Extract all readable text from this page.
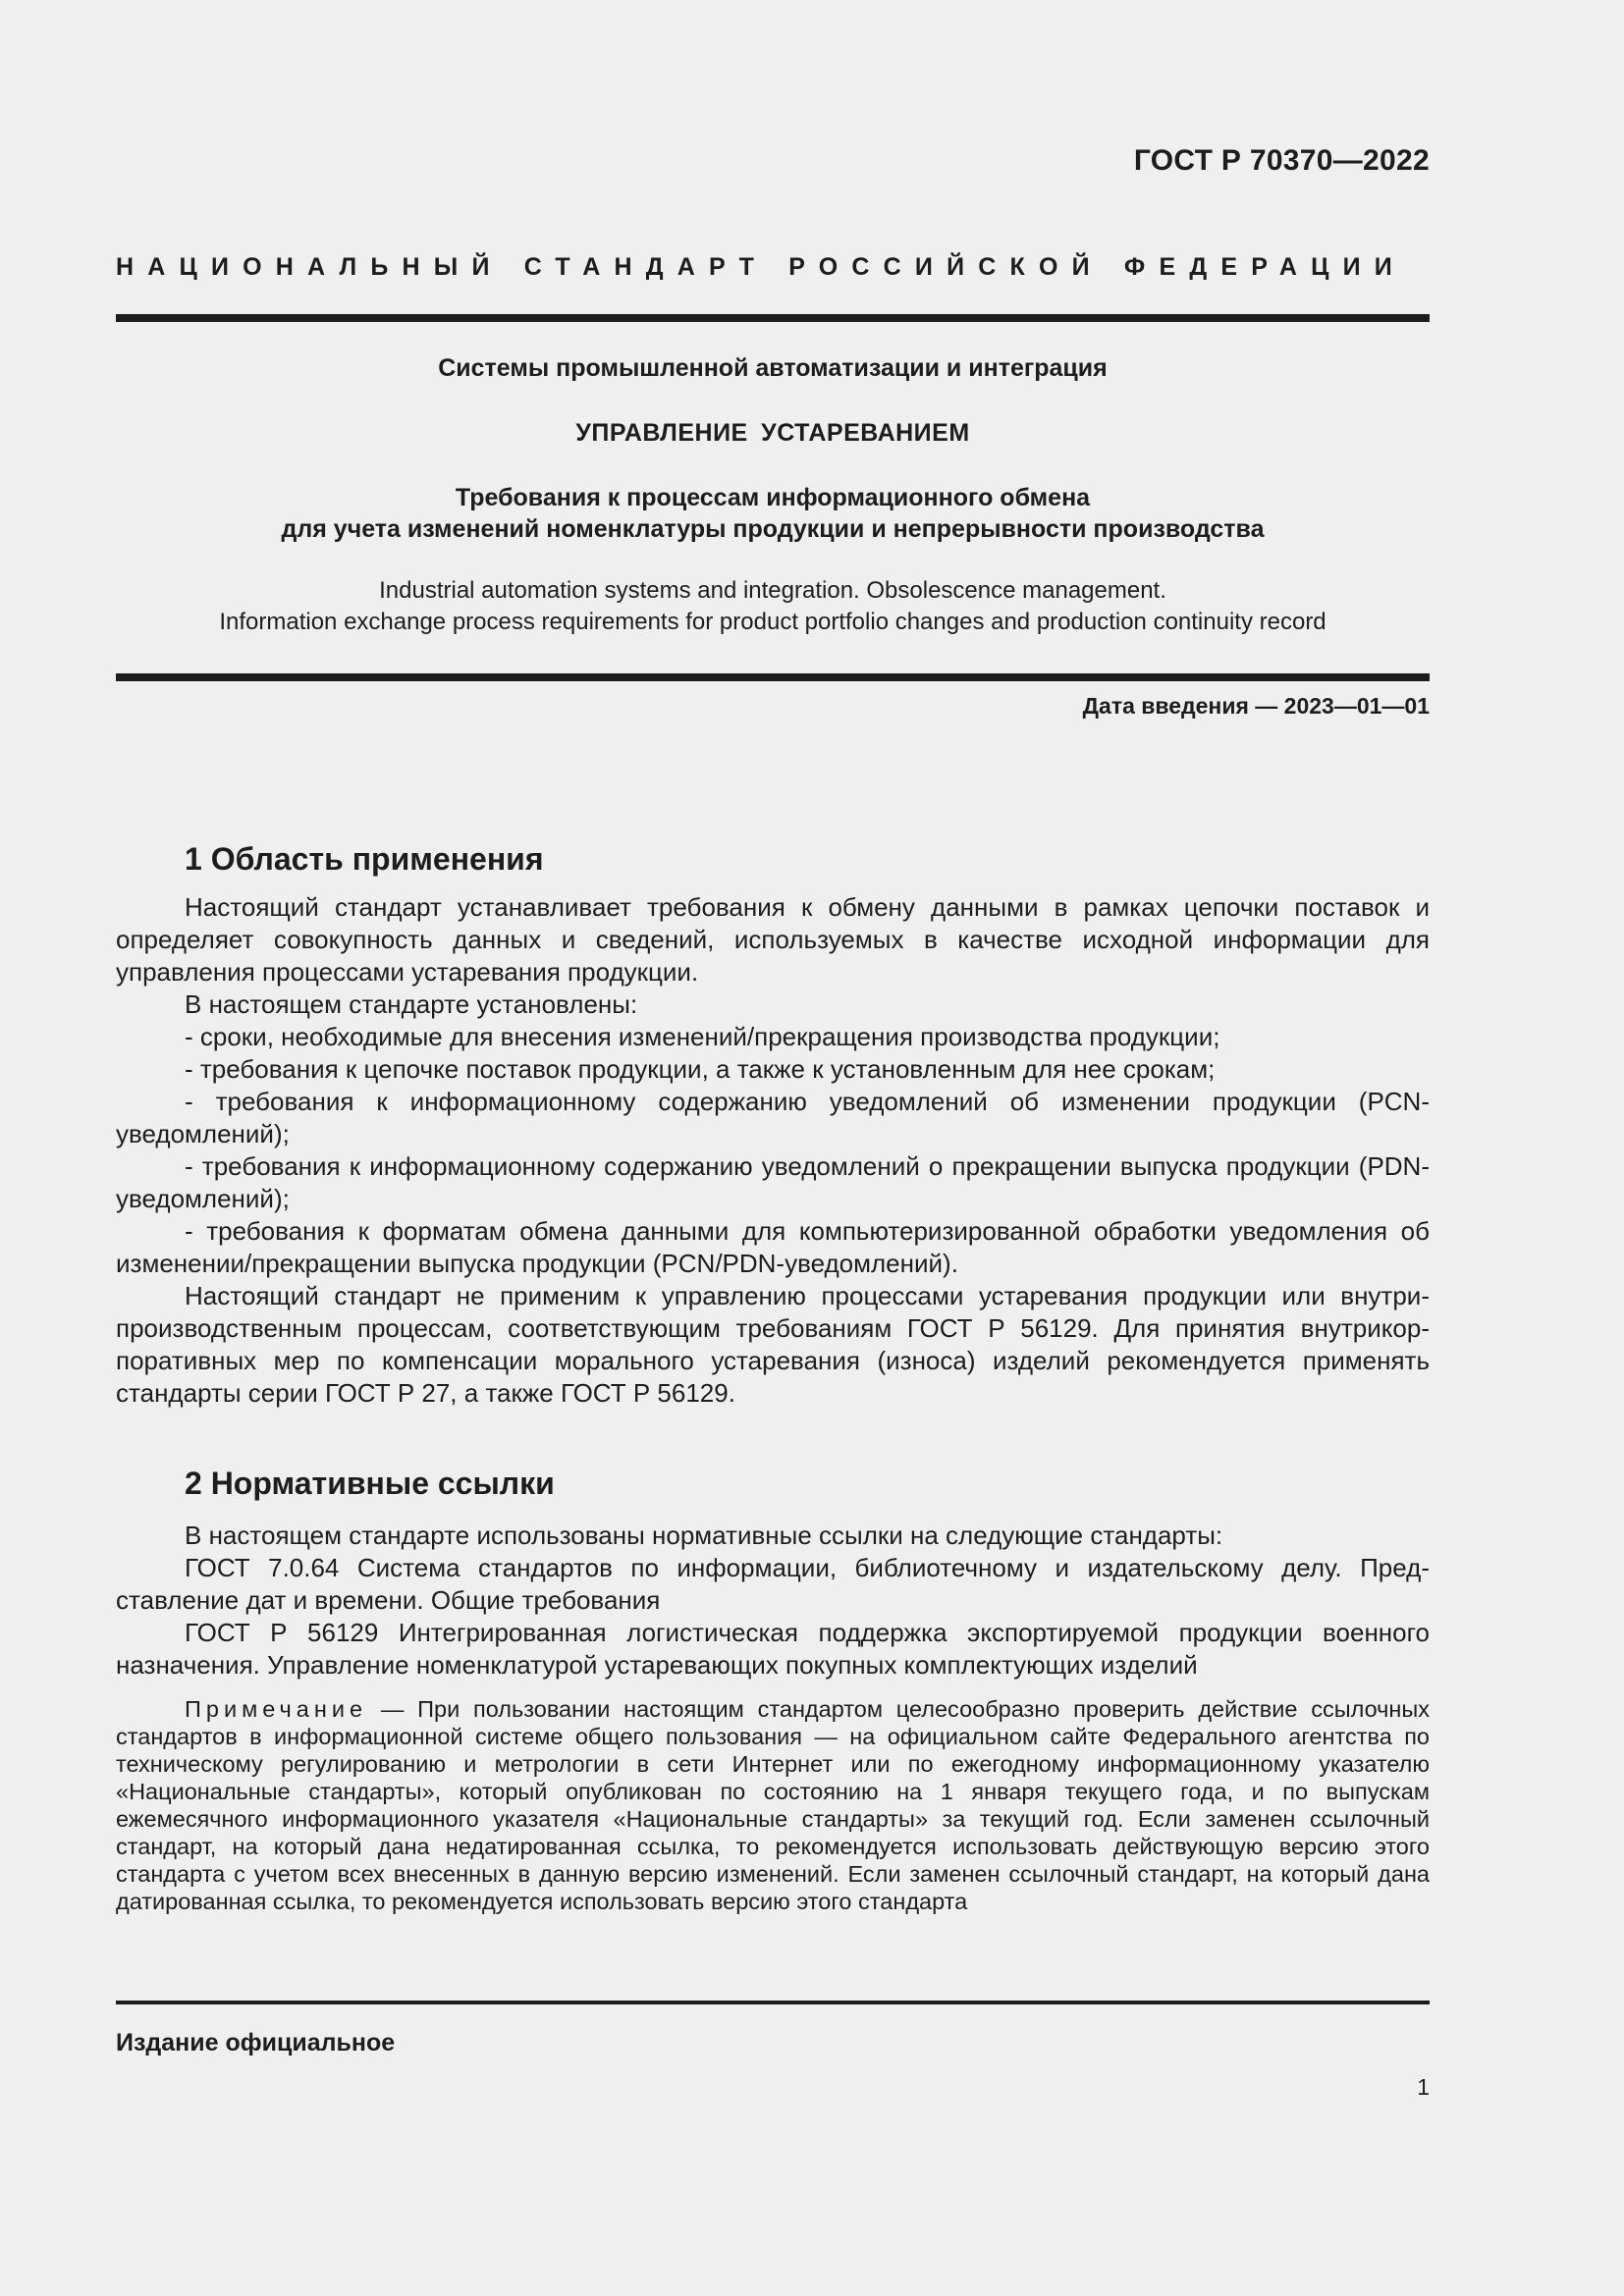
ГОСТ Р 70370—2022
НАЦИОНАЛЬНЫЙ СТАНДАРТ РОССИЙСКОЙ ФЕДЕРАЦИИ
Системы промышленной автоматизации и интеграция
УПРАВЛЕНИЕ УСТАРЕВАНИЕМ
Требования к процессам информационного обмена
для учета изменений номенклатуры продукции и непрерывности производства
Industrial automation systems and integration. Obsolescence management.
Information exchange process requirements for product portfolio changes and production continuity record
Дата введения — 2023—01—01
1 Область применения

Настоящий стандарт устанавливает требования к обмену данными в рамках цепочки поставок и определяет совокупность данных и сведений, используемых в качестве исходной информации для управления процессами устаревания продукции.

В настоящем стандарте установлены:

- сроки, необходимые для внесения изменений/прекращения производства продукции;

- требования к цепочке поставок продукции, а также к установленным для нее срокам;

- требования к информационному содержанию уведомлений об изменении продукции (PCN-уведомлений);

- требования к информационному содержанию уведомлений о прекращении выпуска продукции (PDN-уведомлений);

- требования к форматам обмена данными для компьютеризированной обработки уведомления об изменении/прекращении выпуска продукции (PCN/PDN-уведомлений).

Настоящий стандарт не применим к управлению процессами устаревания продукции или внутрипроизводственным процессам, соответствующим требованиям ГОСТ Р 56129. Для принятия внутрикорпоративных мер по компенсации морального устаревания (износа) изделий рекомендуется применять стандарты серии ГОСТ Р 27, а также ГОСТ Р 56129.

2 Нормативные ссылки

В настоящем стандарте использованы нормативные ссылки на следующие стандарты:

ГОСТ 7.0.64 Система стандартов по информации, библиотечному и издательскому делу. Представление дат и времени. Общие требования

ГОСТ Р 56129 Интегрированная логистическая поддержка экспортируемой продукции военного назначения. Управление номенклатурой устаревающих покупных комплектующих изделий

Примечание — При пользовании настоящим стандартом целесообразно проверить действие ссылочных стандартов в информационной системе общего пользования — на официальном сайте Федерального агентства по техническому регулированию и метрологии в сети Интернет или по ежегодному информационному указателю «Национальные стандарты», который опубликован по состоянию на 1 января текущего года, и по выпускам ежемесячного информационного указателя «Национальные стандарты» за текущий год. Если заменен ссылочный стандарт, на который дана недатированная ссылка, то рекомендуется использовать действующую версию этого стандарта с учетом всех внесенных в данную версию изменений. Если заменен ссылочный стандарт, на который дана датированная ссылка, то рекомендуется использовать версию этого стандарта

Издание официальное
1
